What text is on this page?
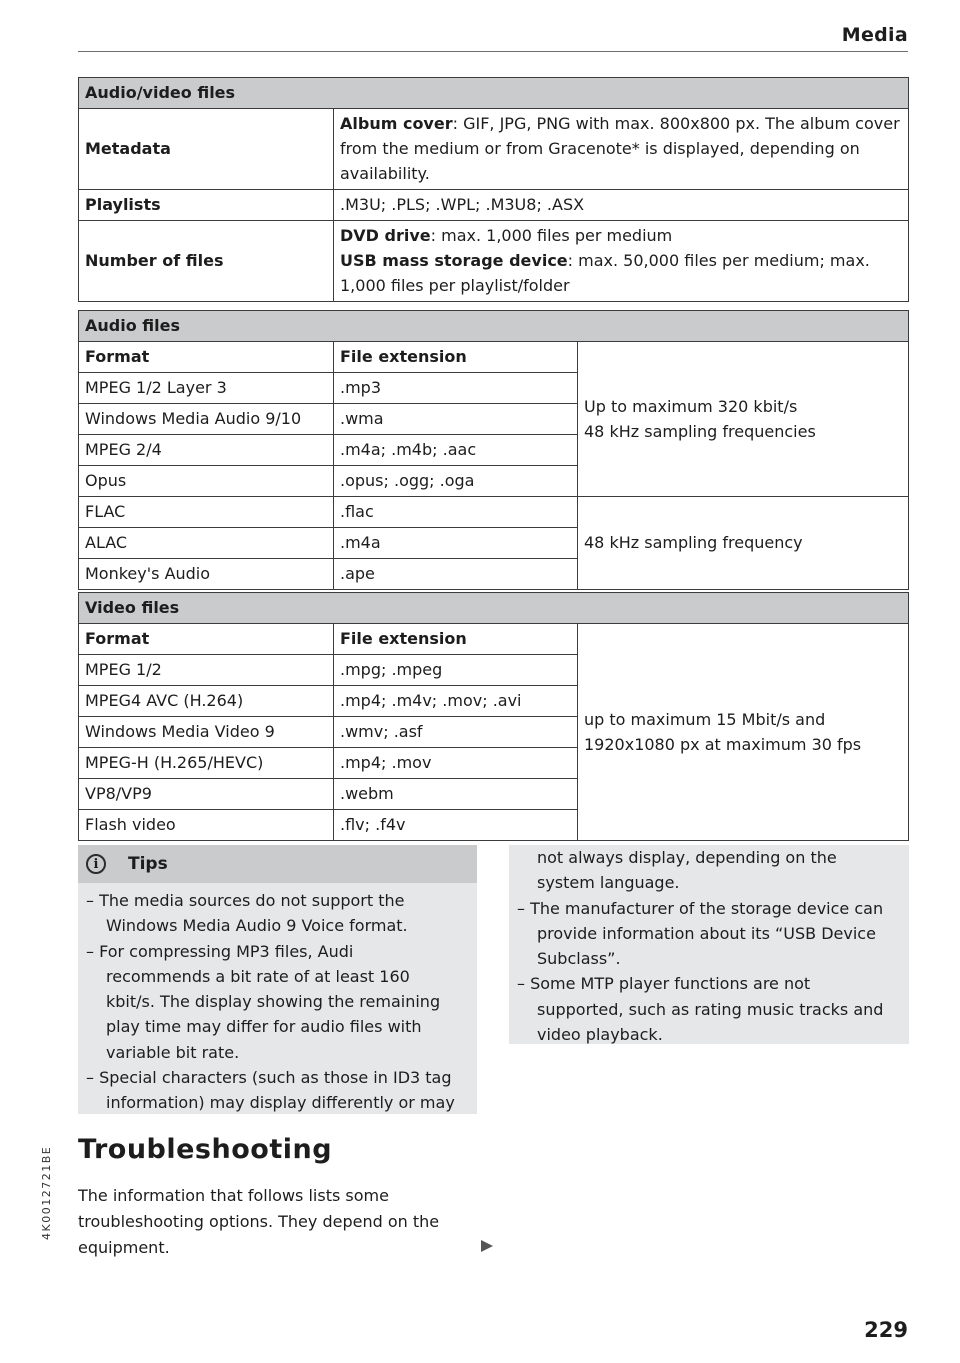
Media
Audio/video files	
Metadata	Album cover: GIF, JPG, PNG with max. 800x800 px. The album cover from the medium or from Gracenote* is displayed, depending on availability.
Playlists	.M3U; .PLS; .WPL; .M3U8; .ASX
Number of files	DVD drive: max. 1,000 files per medium
USB mass storage device: max. 50,000 files per medium; max. 1,000 files per playlist/folder
Audio files		
Format	File extension	Up to maximum 320 kbit/s
48 kHz sampling frequencies

MPEG 1/2 Layer 3	.mp3	
Windows Media Audio 9/10	.wma	
MPEG 2/4	.m4a; .m4b; .aac	
Opus	.opus; .ogg; .oga	
FLAC	.flac	48 kHz sampling frequency
ALAC	.m4a	
Monkey's Audio	.ape	
Video files		
Format	File extension	up to maximum 15 Mbit/s and
1920x1080 px at maximum 30 fps

MPEG 1/2	.mpg; .mpeg	
MPEG4 AVC (H.264)	.mp4; .m4v; .mov; .avi	
Windows Media Video 9	.wmv; .asf	
MPEG-H (H.265/HEVC)	.mp4; .mov	
VP8/VP9	.webm	
Flash video	.flv; .f4v	
i	Tips
– The media sources do not support the Windows Media Audio 9 Voice format.
– For compressing MP3 files, Audi recommends a bit rate of at least 160 kbit/s. The display showing the remaining play time may differ for audio files with variable bit rate.
– Special characters (such as those in ID3 tag information) may display differently or may
not always display, depending on the system language.
– The manufacturer of the storage device can provide information about its “USB Device Subclass”.
– Some MTP player functions are not supported, such as rating music tracks and video playback.
Troubleshooting

The information that follows lists some troubleshooting options. They depend on the equipment.

229
4K0012721BE
